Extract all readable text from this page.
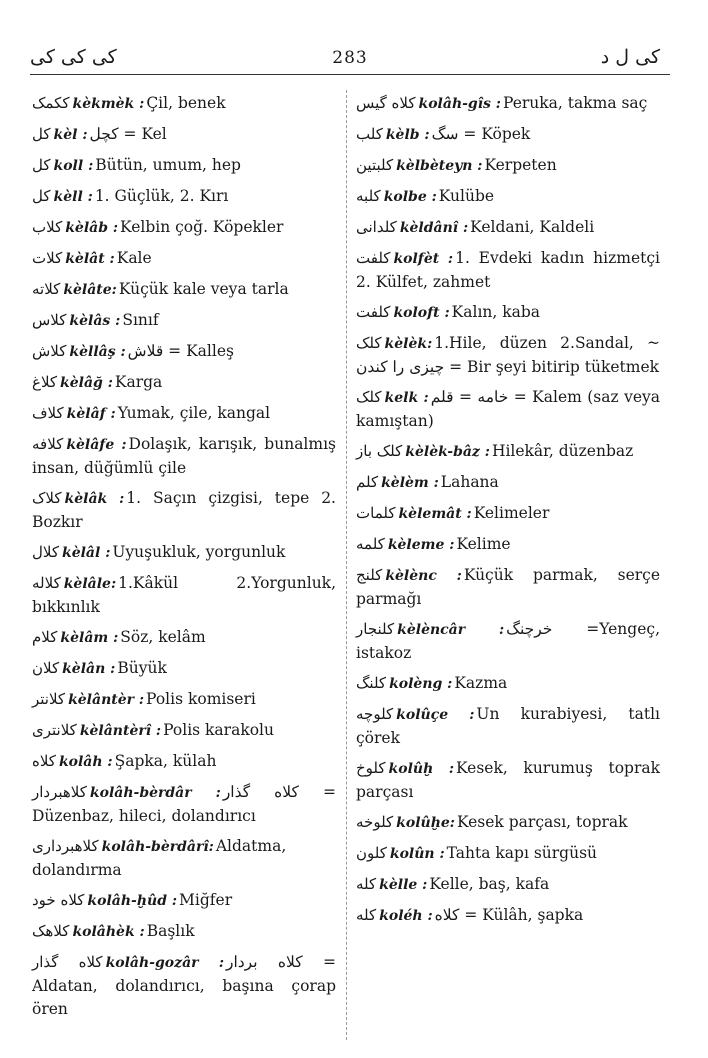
کی کی کی	283	کی ل د
ککمک kèkmèk : Çil, benek
کل kèl : کچل = Kel
کل koll : Bütün, umum, hep
کل kèll : 1. Güçlük, 2. Kırı
کلاب kèlâb : Kelbin çoğ. Köpekler
کلات kèlât : Kale
کلاته kèlâte: Küçük kale veya tarla
کلاس kèlâs : Sınıf
کلاش kèllâş : قلاش = Kalleş
کلاغ kèlâğ : Karga
کلاف kèlâf : Yumak, çile, kangal
کلافه kèlâfe : Dolaşık, karışık, bunalmış insan, düğümlü çile
کلاک kèlâk : 1. Saçın çizgisi, tepe 2. Bozkır
کلال kèlâl : Uyuşukluk, yorgunluk
کلاله kèlâle: 1.Kâkül 2.Yorgunluk, bıkkınlık
کلام kèlâm : Söz, kelâm
کلان kèlân : Büyük
کلانتر kèlântèr : Polis komiseri
کلانتری kèlântèrî : Polis karakolu
کلاه kolâh : Şapka, külah
کلاهبردار kolâh-bèrdâr : کلاه گذار = Düzenbaz, hileci, dolandırıcı
کلاهبرداری kolâh-bèrdârî: Aldatma, dolandırma
کلاه خود kolâh-ḫûd : Miğfer
کلاهک kolâhèk : Başlık
کلاه گذار kolâh-gozâr : کلاه بردار = Aldatan, dolandırıcı, başına çorap ören
کلاه گیس kolâh-gîs : Peruka, takma saç
کلب kèlb : سگ = Köpek
کلبتین kèlbèteyn : Kerpeten
کلبه kolbe : Kulübe
کلدانی kèldânî : Keldani, Kaldeli
کلفت kolfèt : 1. Evdeki kadın hizmetçi 2. Külfet, zahmet
کلفت koloft : Kalın, kaba
کلک kèlèk: 1.Hile, düzen 2.Sandal, ~ چیزی را کندن = Bir şeyi bitirip tüketmek
کلک kelk : خامه = قلم = Kalem (saz veya kamıştan)
کلک باز kèlèk-bâz : Hilekâr, düzenbaz
کلم kèlèm : Lahana
کلمات kèlemât : Kelimeler
کلمه kèleme : Kelime
کلنج kèlènc : Küçük parmak, serçe parmağı
کلنجار kèlèncâr : خرچنگ =Yengeç, istakoz
کلنگ kolèng : Kazma
کلوچه kolûçe : Un kurabiyesi, tatlı çörek
کلوخ kolûḫ : Kesek, kurumuş toprak parçası
کلوخه kolûḫe: Kesek parçası, toprak
کلون kolûn : Tahta kapı sürgüsü
کله kèlle : Kelle, baş, kafa
کله koléh : کلاه = Külâh, şapka
